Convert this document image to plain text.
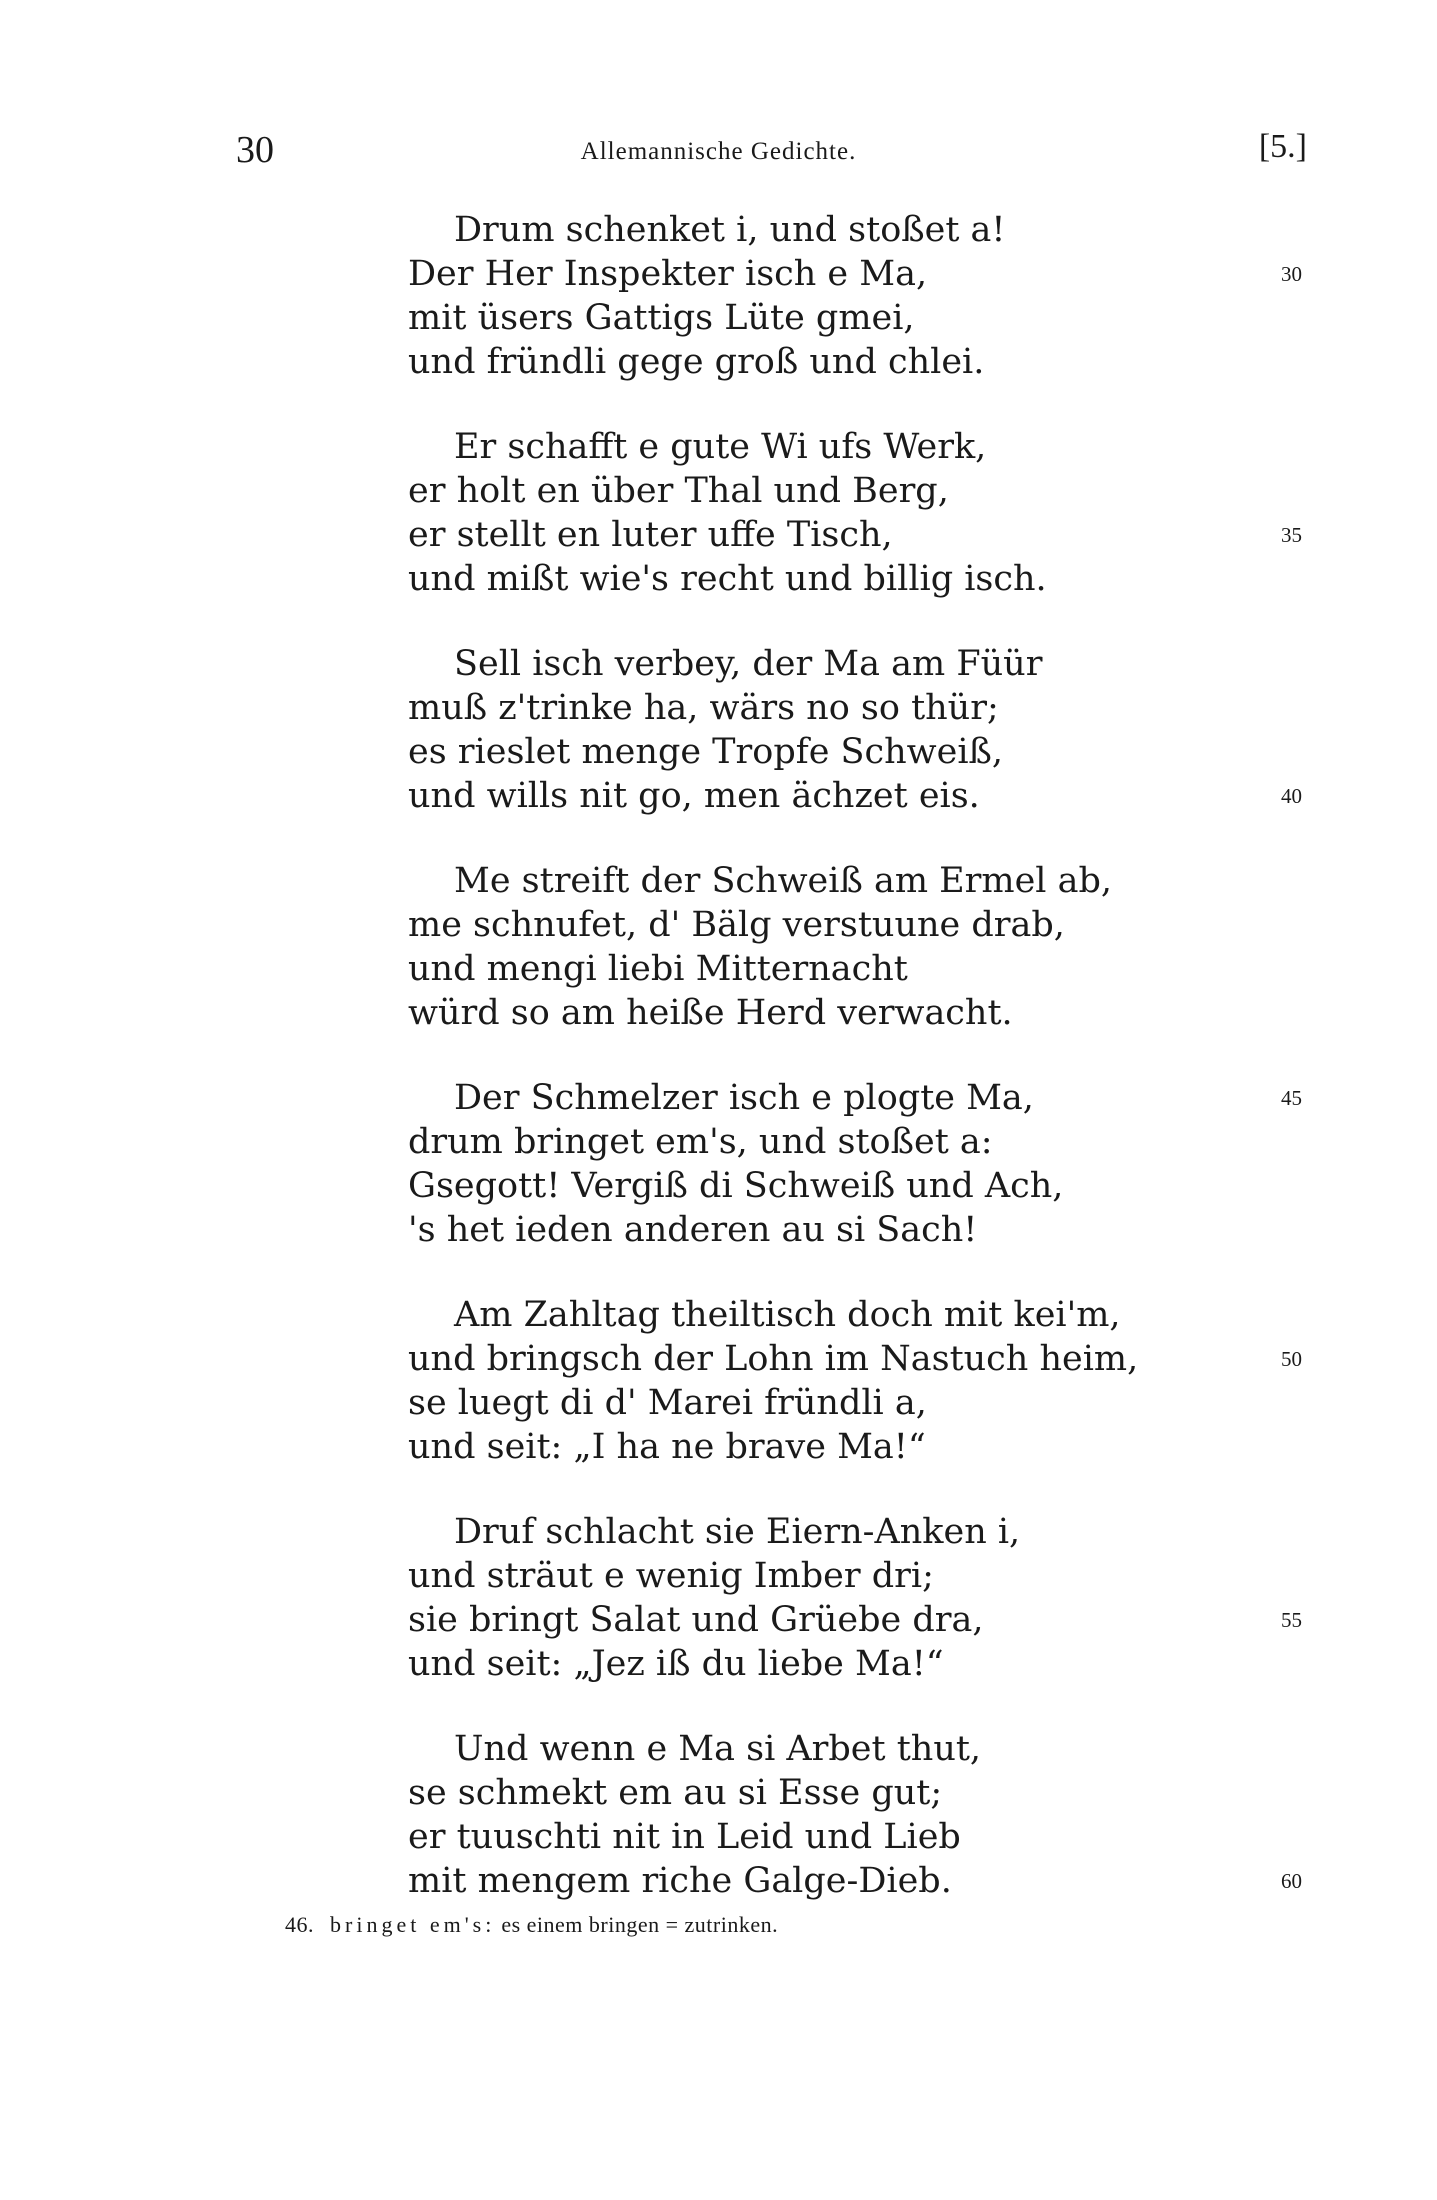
30	Allemannische Gedichte.	[5.]
Drum schenket i, und stoßet a!
Der Her Inspekter isch e Ma,	30
mit üsers Gattigs Lüte gmei,
und fründli gege groß und chlei.
Er schafft e gute Wi ufs Werk,
er holt en über Thal und Berg,
er stellt en luter uffe Tisch,	35
und mißt wie's recht und billig isch.
Sell isch verbey, der Ma am Füür
muß z'trinke ha, wärs no so thür;
es rieslet menge Tropfe Schweiß,
und wills nit go, men ächzet eis.	40
Me streift der Schweiß am Ermel ab,
me schnufet, d' Bälg verstuune drab,
und mengi liebi Mitternacht
würd so am heiße Herd verwacht.
Der Schmelzer isch e plogte Ma,	45
drum bringet em's, und stoßet a:
Gsegott! Vergiß di Schweiß und Ach,
's het ieden anderen au si Sach!
Am Zahltag theiltisch doch mit kei'm,
und bringsch der Lohn im Nastuch heim,	50
se luegt di d' Marei fründli a,
und seit: „I ha ne brave Ma!“
Druf schlacht sie Eiern-Anken i,
und sträut e wenig Imber dri;
sie bringt Salat und Grüebe dra,	55
und seit: „Jez iß du liebe Ma!“
Und wenn e Ma si Arbet thut,
se schmekt em au si Esse gut;
er tuuschti nit in Leid und Lieb
mit mengem riche Galge-Dieb.	60
46. bringet em's: es einem bringen = zutrinken.
